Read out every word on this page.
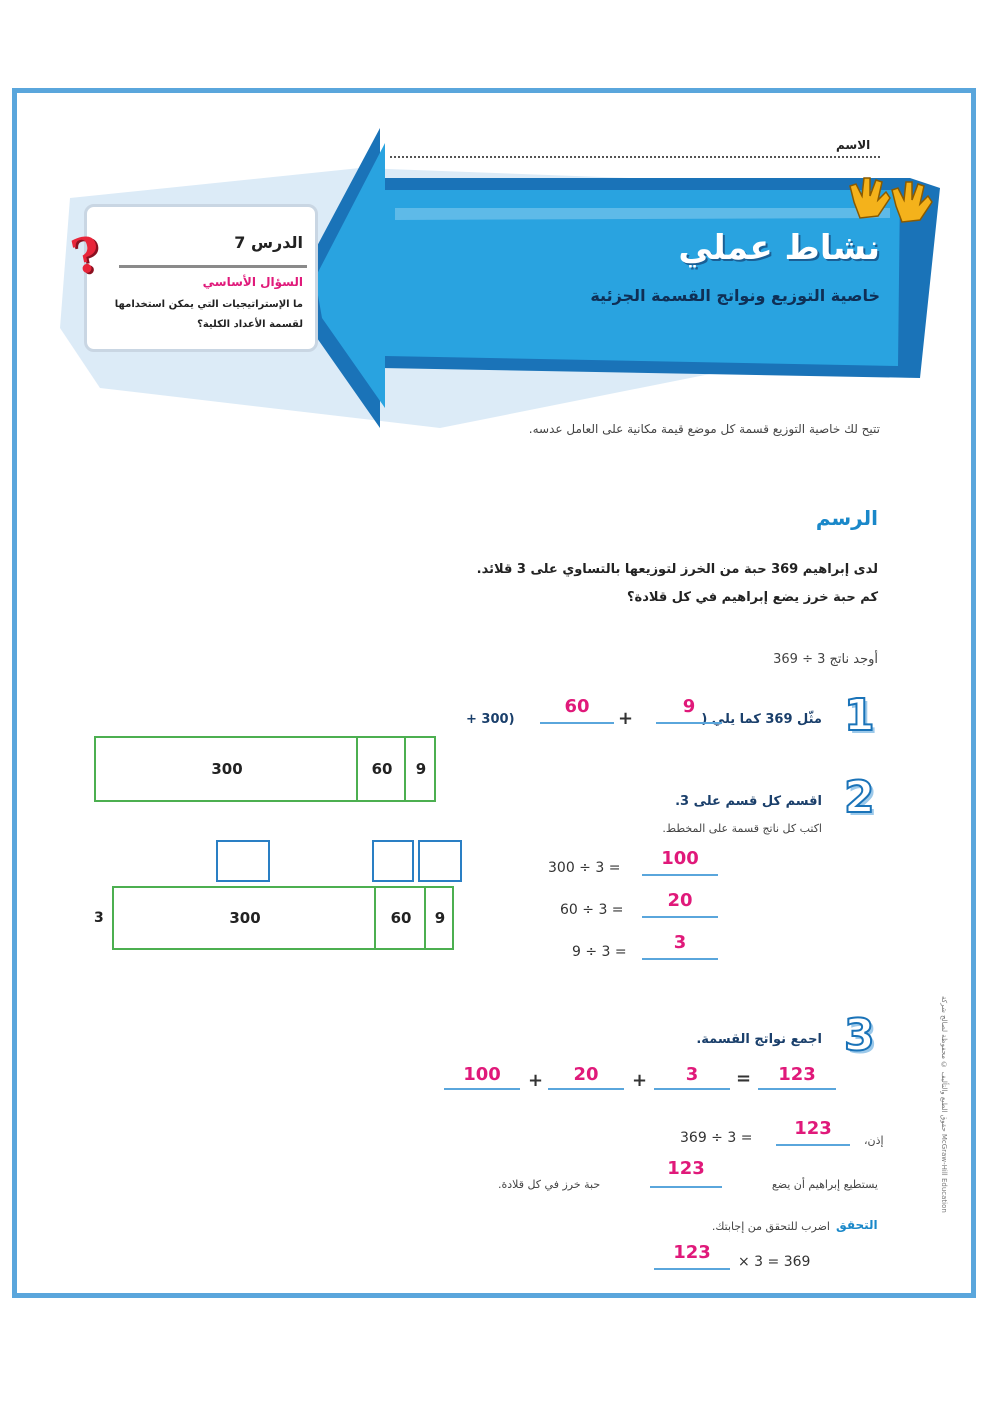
الاسم
نشاط عملي
خاصية التوزيع ونواتج القسمة الجزئية
الدرس 7
السؤال الأساسي
ما الإستراتيجيات التي يمكن استخدامها لقسمة الأعداد الكلية؟
?
تتيح لك خاصية التوزيع قسمة كل موضع قيمة مكانية على العامل عدسه.
الرسم
لدى إبراهيم 369 حبة من الخرز لتوزيعها بالتساوي على 3 قلائد.
كم حبة خرز يضع إبراهيم في كل قلادة؟
أوجد ناتج 3 ÷ 369
1
مثّل 369 كما يلي (
9
+
60
(300 +
300	60	9
2
اقسم كل قسم على 3.
اكتب كل ناتج قسمة على المخطط.
300 ÷ 3 =	100
60 ÷ 3 =	20
9 ÷ 3 =	3
3	300	60	9
3
اجمع نواتج القسمة.
100	+	20	+	3	=	123
إذن،
369 ÷ 3 =	123
يستطيع إبراهيم أن يضع
123
حبة خرز في كل قلادة.
التحقق
اضرب للتحقق من إجابتك.
123	× 3 = 369
حقوق الطبع والتأليف © محفوظة لصالح شركة McGraw-Hill Education
